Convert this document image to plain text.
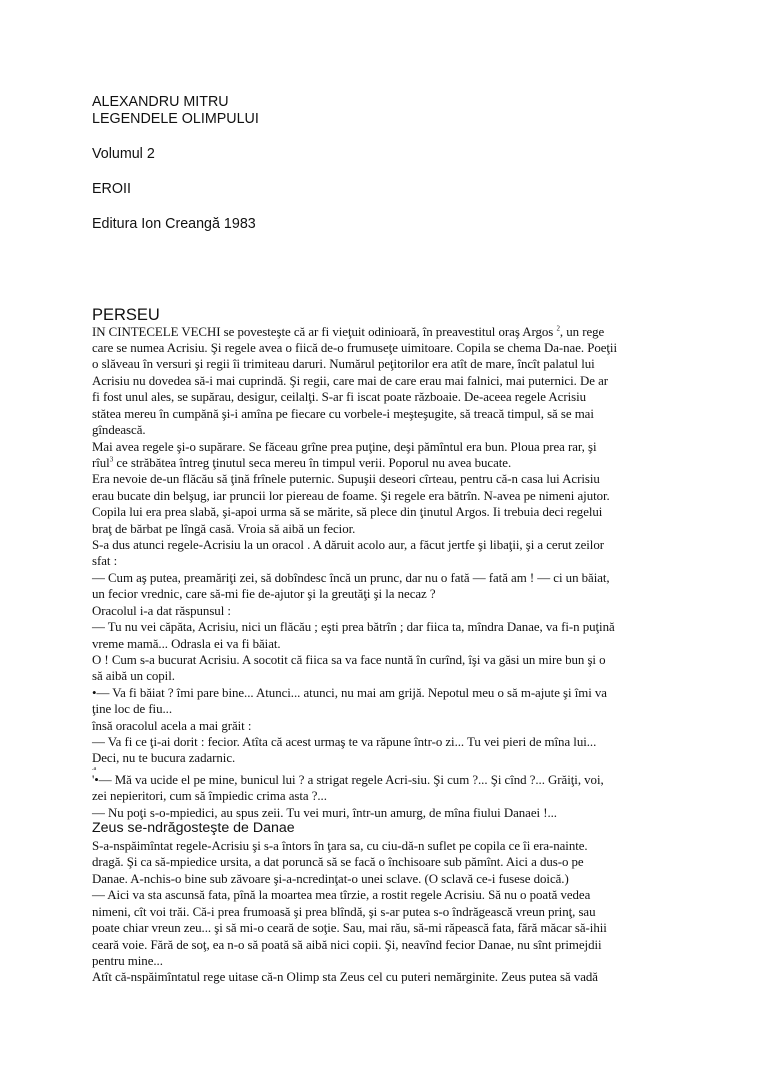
ALEXANDRU MITRU
LEGENDELE OLIMPULUI
Volumul 2
EROII
Editura Ion Creangă 1983
PERSEU
IN CINTECELE VECHI se povesteşte că ar fi vieţuit odinioară, în preavestitul oraş Argos $^2$, un rege
care se numea Acrisiu. Şi regele avea o fiică de-o frumuseţe uimitoare. Copila se chema Da-nae. Poeţii
o slăveau în versuri şi regii îi trimiteau daruri. Numărul peţitorilor era atît de mare, încît palatul lui
Acrisiu nu dovedea să-i mai cuprindă. Şi regii, care mai de care erau mai falnici, mai puternici. De ar
fi fost unul ales, se supărau, desigur, ceilalţi. S-ar fi iscat poate războaie. De-aceea regele Acrisiu
stătea mereu în cumpănă şi-i amîna pe fiecare cu vorbele-i meşteşugite, să treacă timpul, să se mai
gîndească.
Mai avea regele şi-o supărare. Se făceau grîne prea puţine, deşi pămîntul era bun. Ploua prea rar, şi
rîul$^3$ ce străbătea întreg ţinutul seca mereu în timpul verii. Poporul nu avea bucate.
Era nevoie de-un flăcău să ţină frînele puternic. Supuşii deseori cîrteau, pentru că-n casa lui Acrisiu
erau bucate din belşug, iar pruncii lor piereau de foame. Şi regele era bătrîn. N-avea pe nimeni ajutor.
Copila lui era prea slabă, şi-apoi urma să se mărite, să plece din ţinutul Argos. Ii trebuia deci regelui
braţ de bărbat pe lîngă casă. Vroia să aibă un fecior.
S-a dus atunci regele-Acrisiu la un oracol . A dăruit acolo aur, a făcut jertfe şi libaţii, şi a cerut zeilor
sfat :
— Cum aş putea, preamăriţi zei, să dobîndesc încă un prunc, dar nu o fată — fată am ! — ci un băiat,
un fecior vrednic, care să-mi fie de-ajutor şi la greutăţi şi la necaz ?
Oracolul i-a dat răspunsul :
— Tu nu vei căpăta, Acrisiu, nici un flăcău ; eşti prea bătrîn ; dar fiica ta, mîndra Danae, va fi-n puţină
vreme mamă... Odrasla ei va fi băiat.
O ! Cum s-a bucurat Acrisiu. A socotit că fiica sa va face nuntă în curînd, îşi va găsi un mire bun şi o
să aibă un copil.
•— Va fi băiat ? îmi pare bine... Atunci... atunci, nu mai am grijă. Nepotul meu o să m-ajute şi îmi va
ţine loc de fiu...
însă oracolul acela a mai grăit :
— Va fi ce ţi-ai dorit : fecior. Atîta că acest urmaş te va răpune într-o zi... Tu vei pieri de mîna lui...
Deci, nu te bucura zadarnic.
.a
'•— Mă va ucide el pe mine, bunicul lui ? a strigat regele Acri-siu. Şi cum ?... Şi cînd ?... Grăiţi, voi,
zei nepieritori, cum să împiedic crima asta ?...
— Nu poţi s-o-mpiedici, au spus zeii. Tu vei muri, într-un amurg, de mîna fiului Danaei !...
Zeus se-ndrăgosteşte de Danae
S-a-nspăimîntat regele-Acrisiu şi s-a întors în ţara sa, cu ciu-dă-n suflet pe copila ce îi era-nainte.
dragă. Şi ca să-mpiedice ursita, a dat poruncă să se facă o închisoare sub pămînt. Aici a dus-o pe
Danae. A-nchis-o bine sub zăvoare şi-a-ncredinţat-o unei sclave. (O sclavă ce-i fusese doică.)
— Aici va sta ascunsă fata, pînă la moartea mea tîrzie, a rostit regele Acrisiu. Să nu o poată vedea
nimeni, cît voi trăi. Că-i prea frumoasă şi prea blîndă, şi s-ar putea s-o îndrăgească vreun prinţ, sau
poate chiar vreun zeu... şi să mi-o ceară de soţie. Sau, mai rău, să-mi răpească fata, fără măcar să-ihii
ceară voie. Fără de soţ, ea n-o să poată să aibă nici copii. Şi, neavînd fecior Danae, nu sînt primejdii
pentru mine...
Atît că-nspăimîntatul rege uitase că-n Olimp sta Zeus cel cu puteri nemărginite. Zeus putea să vadă
